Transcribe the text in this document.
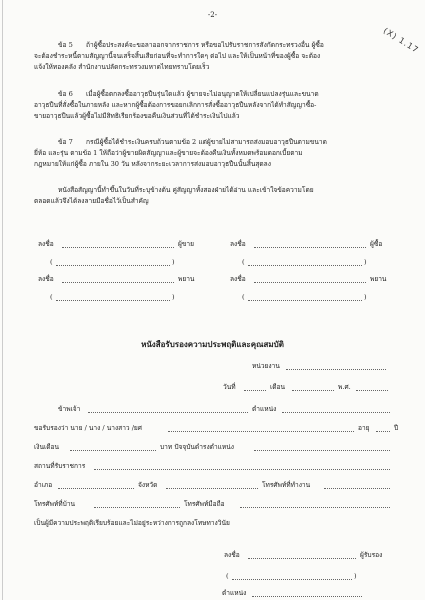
-2-
(X) 1.17
ข้อ 5 ถ้าผู้ซื้อประสงค์จะขอลาออกจากราชการ หรือขอไปรับราชการสังกัดกระทรวงอื่น ผู้ซื้อ
จะต้องชำระหนี้ตามสัญญานี้จนเสร็จสิ้นเสียก่อนที่จะทำการใดๆ ต่อไป และให้เป็นหน้าที่ของผู้ซื้อ จะต้อง
แจ้งให้ทองคลัง สำนักงานปลัดกระทรวงมหาดไทยทราบโดยเร็ว
ข้อ 6 เมื่อผู้ซื้อตกลงซื้ออาวุธปืนรุ่นใดแล้ว ผู้ขายจะไม่อนุญาตให้เปลี่ยนแปลงรุ่นและขนาด
อาวุธปืนที่สั่งซื้อในภายหลัง และหากผู้ซื้อต้องการขอยกเลิกการสั่งซื้ออาวุธปืนหลังจากได้ทำสัญญาซื้อ-
ขายอาวุธปืนแล้วผู้ซื้อไม่มีสิทธิเรียกร้องขอคืนเงินส่วนที่ได้ชำระเงินไปแล้ว
ข้อ 7 กรณีผู้ซื้อได้ชำระเงินครบถ้วนตามข้อ 2 แต่ผู้ขายไม่สามารถส่งมอบอาวุธปืนตามขนาด
ยี่ห้อ และรุ่น ตามข้อ 1 ให้ถือว่าผู้ขายผิดสัญญาและผู้ขายจะต้องคืนเงินทั้งหมดพร้อมดอกเบี้ยตาม
กฎหมายให้แก่ผู้ซื้อ ภายใน 30 วัน หลังจากระยะเวลาการส่งมอบอาวุธปืนนั้นสิ้นสุดลง
หนังสือสัญญานี้ทำขึ้นในวันที่ระบุข้างต้น คู่สัญญาทั้งสองฝ่ายได้อ่าน และเข้าใจข้อความโดย
ตลอดแล้วจึงได้ลงลายมือชื่อไว้เป็นสำคัญ
ลงชื่อ	ผู้ขาย
(	)
ลงชื่อ	ผู้ซื้อ
(	)
ลงชื่อ	พยาน
(	)
ลงชื่อ	พยาน
(	)
หนังสือรับรองความประพฤติและคุณสมบัติ
หน่วยงาน
วันที่	เดือน	พ.ศ.
ข้าพเจ้า	ตำแหน่ง
ขอรับรองว่า นาย / นาง / นางสาว /ยศ	อายุ	ปี
เงินเดือน	บาท ปัจจุบันดำรงตำแหน่ง
สถานที่รับราชการ
อำเภอ	จังหวัด	โทรศัพท์ที่ทำงาน
โทรศัพท์ที่บ้าน	โทรศัพท์มือถือ
เป็นผู้มีความประพฤติเรียบร้อยและไม่อยู่ระหว่างการถูกลงโทษทางวินัย
ลงชื่อ	ผู้รับรอง
(	)
ตำแหน่ง
